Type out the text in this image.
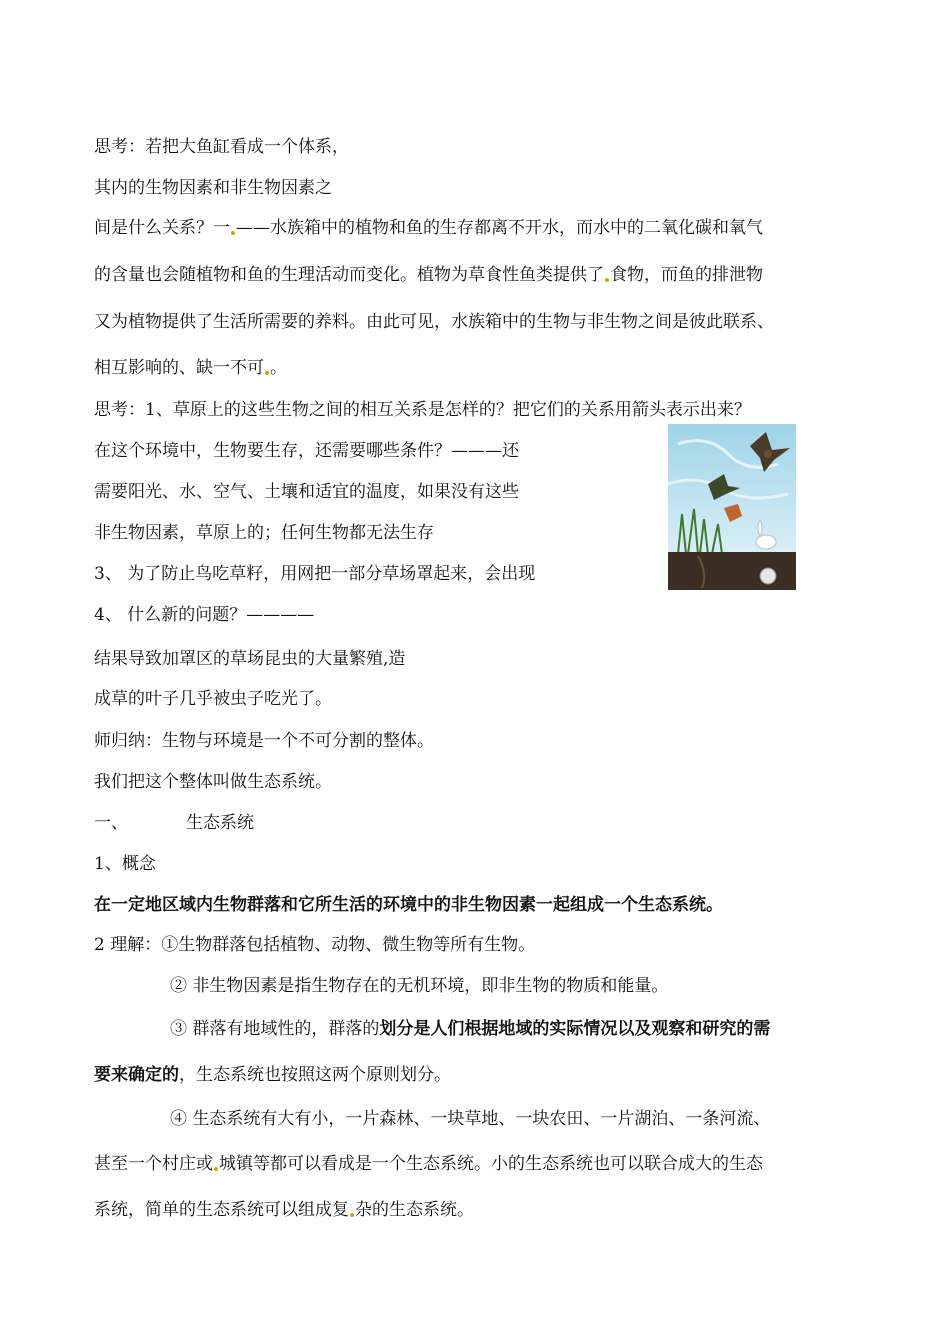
思考：若把大鱼缸看成一个体系，
其内的生物因素和非生物因素之
间是什么关系？一 ——水族箱中的植物和鱼的生存都离不开水，而水中的二氧化碳和氧气
的含量也会随植物和鱼的生理活动而变化。植物为草食性鱼类提供了 食物，而鱼的排泄物
又为植物提供了生活所需要的养料。由此可见，水族箱中的生物与非生物之间是彼此联系、
相互影响的、缺一不可 。
思考：1、草原上的这些生物之间的相互关系是怎样的？把它们的关系用箭头表示出来？
在这个环境中，生物要生存，还需要哪些条件？———还
需要阳光、水、空气、土壤和适宜的温度，如果没有这些
非生物因素，草原上的；任何生物都无法生存
3、 为了防止鸟吃草籽，用网把一部分草场罩起来，会出现
4、 什么新的问题？————
结果导致加罩区的草场昆虫的大量繁殖,造
成草的叶子几乎被虫子吃光了。
师归纳：生物与环境是一个不可分割的整体。
我们把这个整体叫做生态系统。
一、	生态系统
1、概念
在一定地区域内生物群落和它所生活的环境中的非生物因素一起组成一个生态系统。
2 理解：①生物群落包括植物、动物、微生物等所有生物。
② 非生物因素是指生物存在的无机环境，即非生物的物质和能量。
③ 群落有地域性的，群落的划分是人们根据地域的实际情况以及观察和研究的需
要来确定的，生态系统也按照这两个原则划分。
④ 生态系统有大有小，一片森林、一块草地、一块农田、一片湖泊、一条河流、
甚至一个村庄或 城镇等都可以看成是一个生态系统。小的生态系统也可以联合成大的生态
系统，简单的生态系统可以组成复 杂的生态系统。
